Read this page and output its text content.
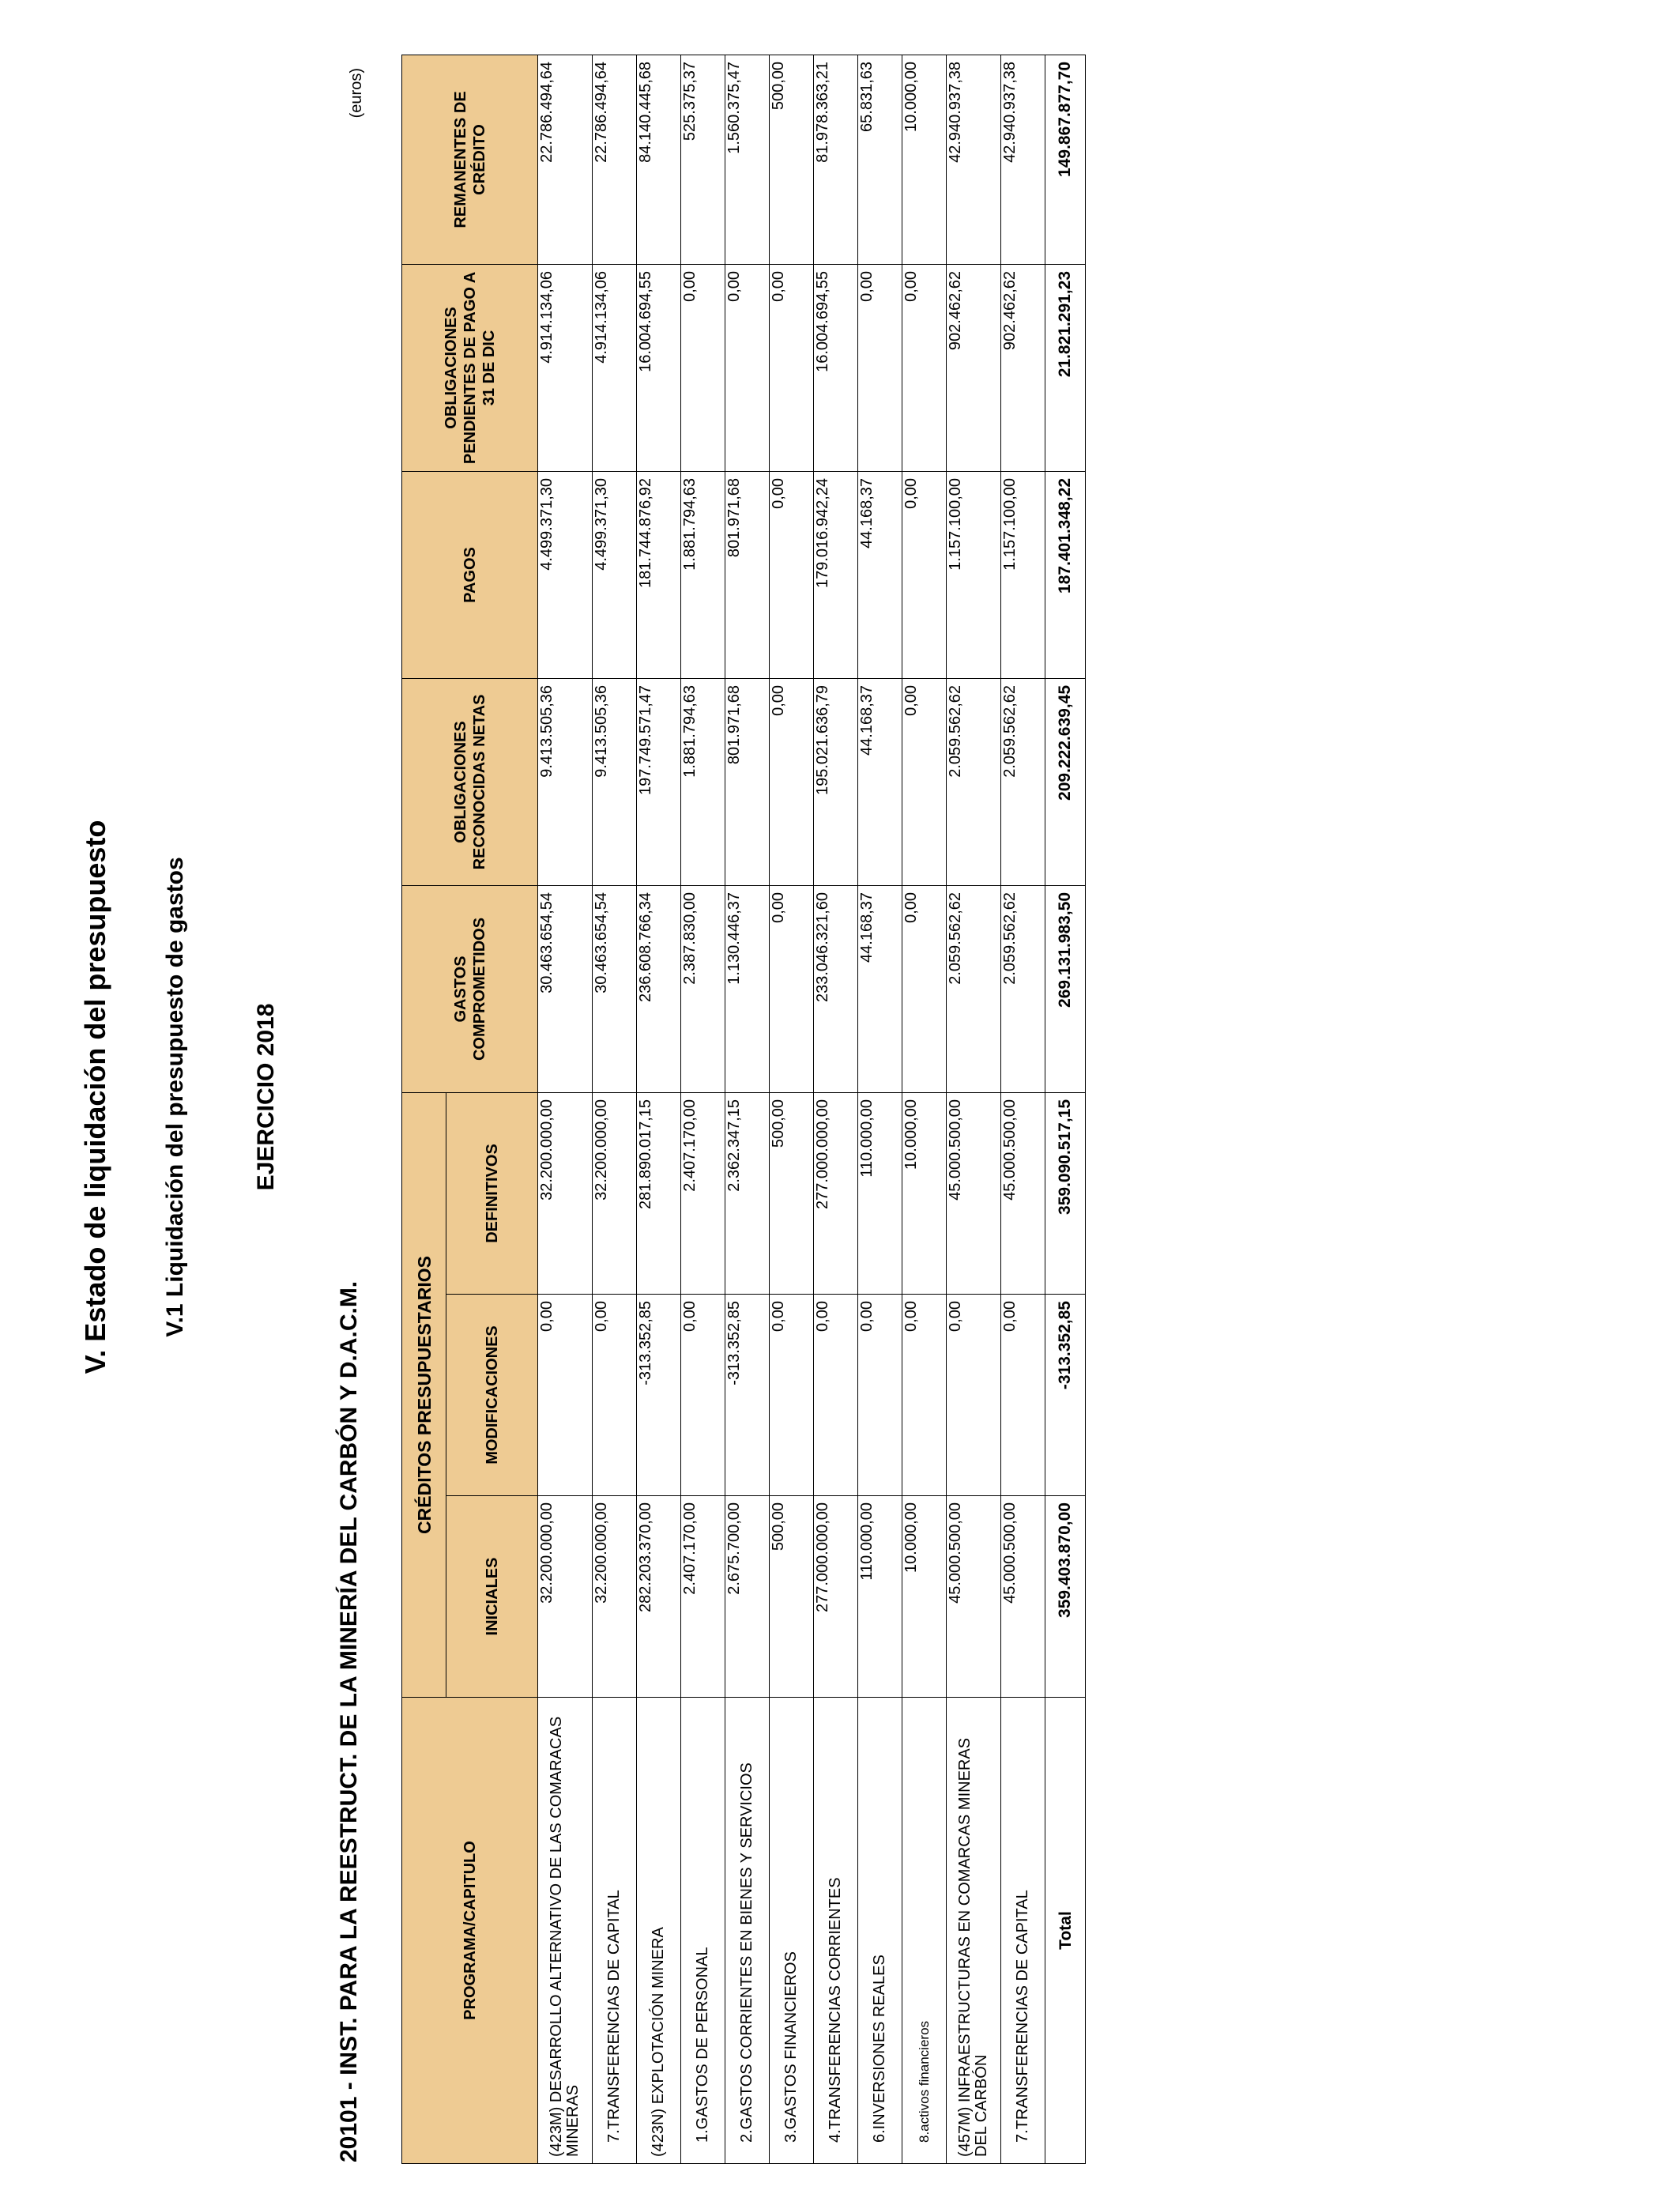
V. Estado de liquidación del presupuesto V.1 Liquidación del presupuesto de gastos	EJERCICIO 2018
20101 - INST. PARA LA REESTRUCT. DE LA MINERÍA DEL CARBÓN Y D.A.C.M.
(euros)
PROGRAMA/CAPITULO	CRÉDITOS PRESUPUESTARIOS			GASTOS COMPROMETIDOS	OBLIGACIONES RECONOCIDAS NETAS	PAGOS	OBLIGACIONES PENDIENTES DE PAGO A 31 DE DIC	REMANENTES DE CRÉDITO
	INICIALES	MODIFICACIONES	DEFINITIVOS					
(423M) DESARROLLO ALTERNATIVO DE LAS COMARACAS MINERAS	32.200.000,00	0,00	32.200.000,00	30.463.654,54	9.413.505,36	4.499.371,30	4.914.134,06	22.786.494,64
7.TRANSFERENCIAS DE CAPITAL	32.200.000,00	0,00	32.200.000,00	30.463.654,54	9.413.505,36	4.499.371,30	4.914.134,06	22.786.494,64
(423N) EXPLOTACIÓN MINERA	282.203.370,00	-313.352,85	281.890.017,15	236.608.766,34	197.749.571,47	181.744.876,92	16.004.694,55	84.140.445,68
1.GASTOS DE PERSONAL	2.407.170,00	0,00	2.407.170,00	2.387.830,00	1.881.794,63	1.881.794,63	0,00	525.375,37
2.GASTOS CORRIENTES EN BIENES Y SERVICIOS	2.675.700,00	-313.352,85	2.362.347,15	1.130.446,37	801.971,68	801.971,68	0,00	1.560.375,47
3.GASTOS FINANCIEROS	500,00	0,00	500,00	0,00	0,00	0,00	0,00	500,00
4.TRANSFERENCIAS CORRIENTES	277.000.000,00	0,00	277.000.000,00	233.046.321,60	195.021.636,79	179.016.942,24	16.004.694,55	81.978.363,21
6.INVERSIONES REALES	110.000,00	0,00	110.000,00	44.168,37	44.168,37	44.168,37	0,00	65.831,63
8.activos financieros	10.000,00	0,00	10.000,00	0,00	0,00	0,00	0,00	10.000,00
(457M) INFRAESTRUCTURAS EN COMARCAS MINERAS DEL CARBÓN	45.000.500,00	0,00	45.000.500,00	2.059.562,62	2.059.562,62	1.157.100,00	902.462,62	42.940.937,38
7.TRANSFERENCIAS DE CAPITAL	45.000.500,00	0,00	45.000.500,00	2.059.562,62	2.059.562,62	1.157.100,00	902.462,62	42.940.937,38
Total	359.403.870,00	-313.352,85	359.090.517,15	269.131.983,50	209.222.639,45	187.401.348,22	21.821.291,23	149.867.877,70
